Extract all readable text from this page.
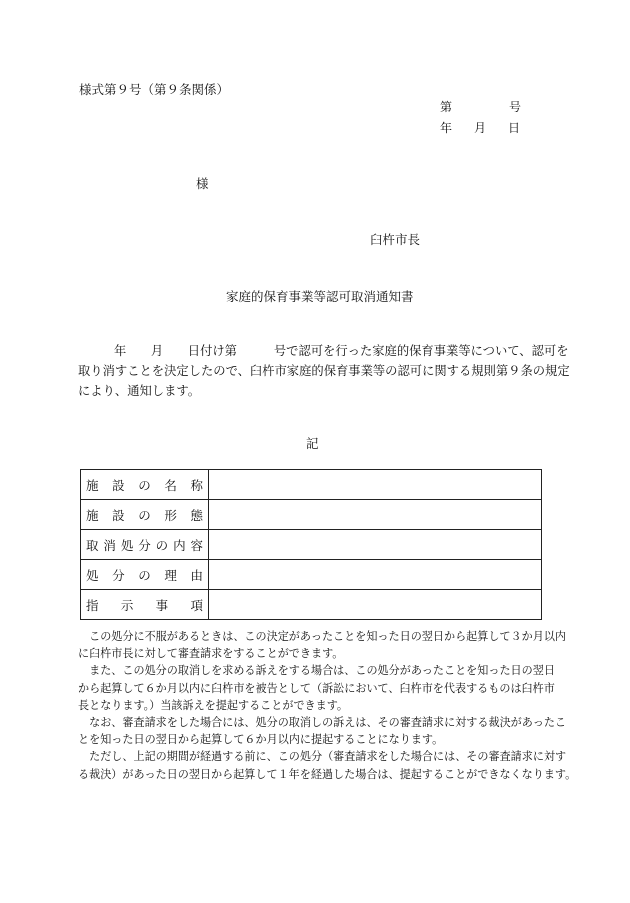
様式第９号（第９条関係）
第	号
年 月 日
様
臼杵市長
家庭的保育事業等認可取消通知書
年　　月　　日付け第　　　号で認可を行った家庭的保育事業等について、認可を
取り消すことを決定したので、臼杵市家庭的保育事業等の認可に関する規則第９条の規定
により、通知します。
記
施設の名称	
施設の形態	
取消処分の内容	
処分の理由	
指示事項	
　この処分に不服があるときは、この決定があったことを知った日の翌日から起算して３か月以内
に臼杵市長に対して審査請求をすることができます。
　また、この処分の取消しを求める訴えをする場合は、この処分があったことを知った日の翌日
から起算して６か月以内に臼杵市を被告として（訴訟において、臼杵市を代表するものは臼杵市
長となります。）当該訴えを提起することができます。
　なお、審査請求をした場合には、処分の取消しの訴えは、その審査請求に対する裁決があったこ
とを知った日の翌日から起算して６か月以内に提起することになります。
　ただし、上記の期間が経過する前に、この処分（審査請求をした場合には、その審査請求に対す
る裁決）があった日の翌日から起算して１年を経過した場合は、提起することができなくなります。
